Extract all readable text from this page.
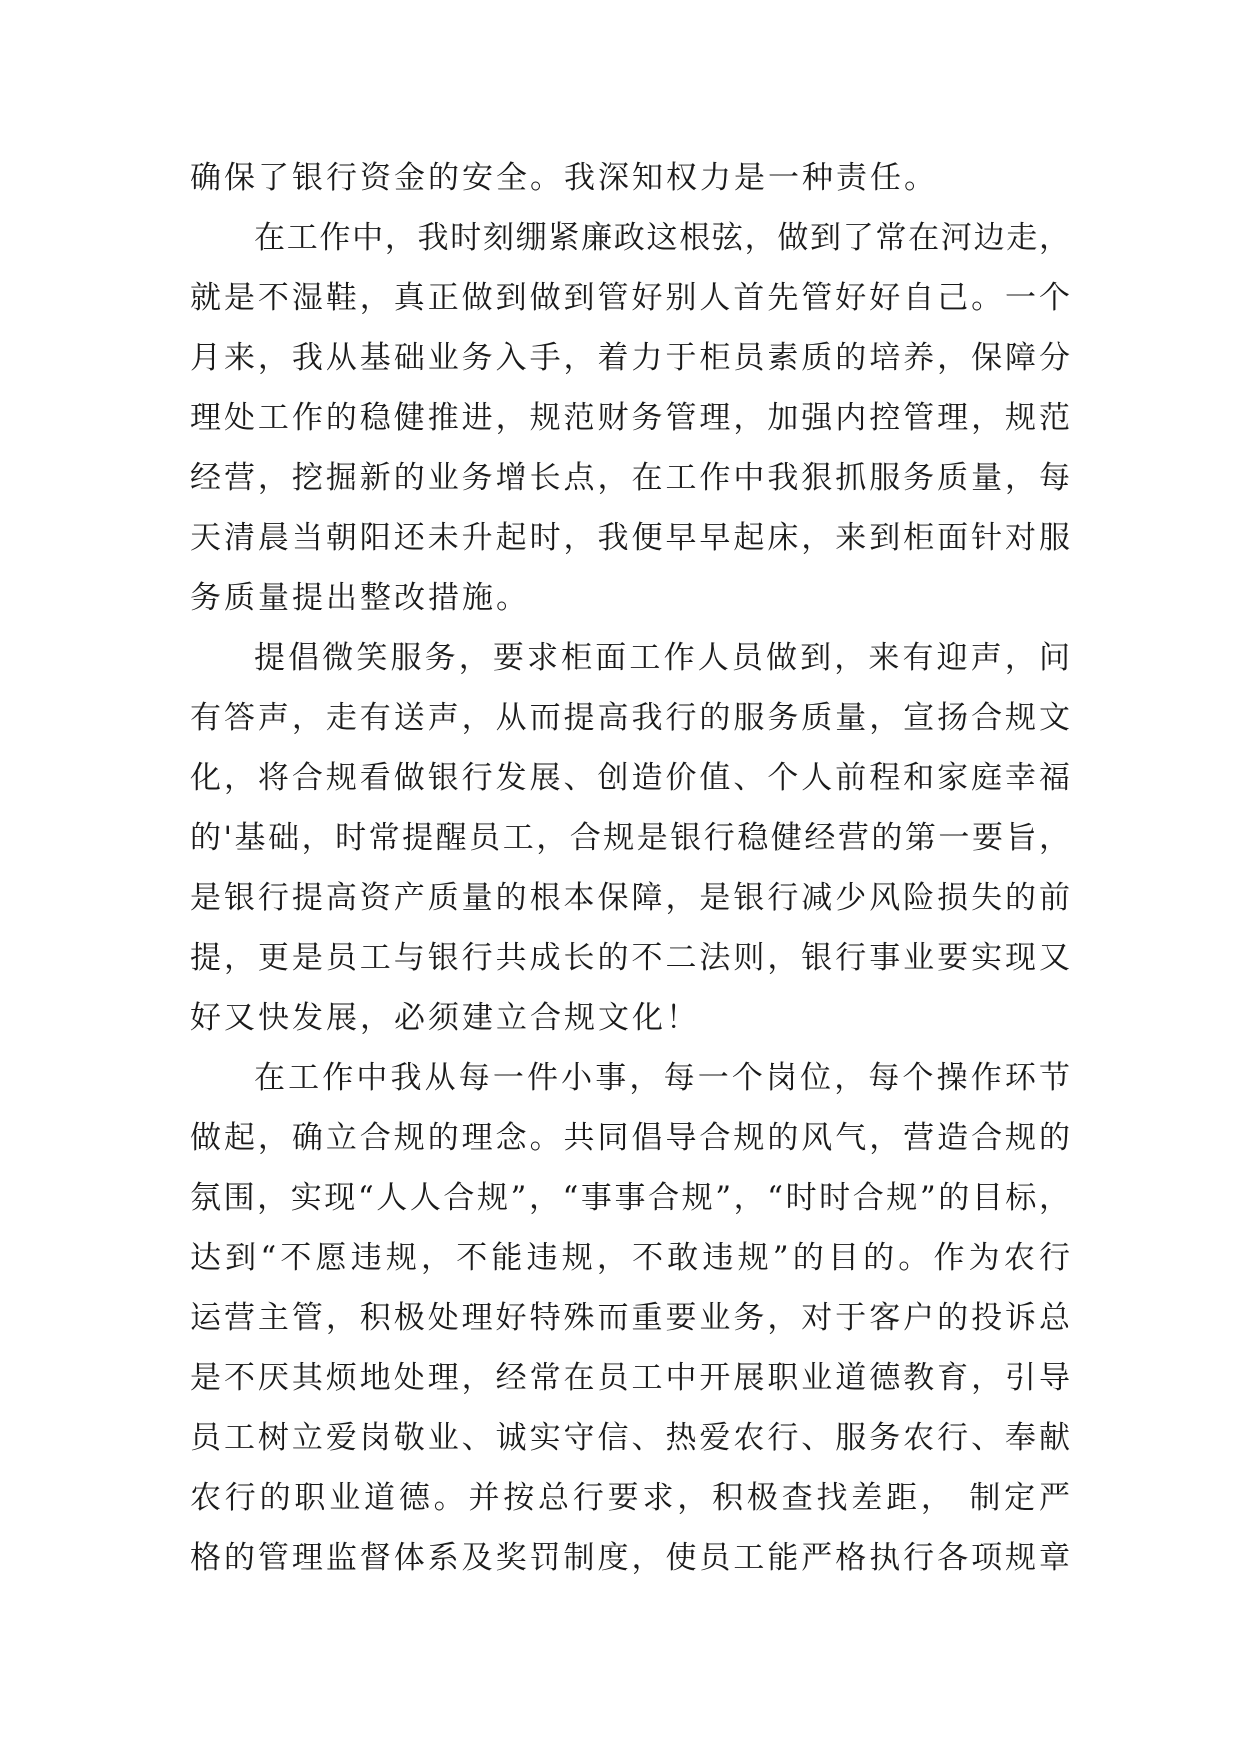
确保了银行资金的安全。我深知权力是一种责任。
在工作中，我时刻绷紧廉政这根弦，做到了常在河边走，
就是不湿鞋，真正做到做到管好别人首先管好好自己。一个
月来，我从基础业务入手，着力于柜员素质的培养，保障分
理处工作的稳健推进，规范财务管理，加强内控管理，规范
经营，挖掘新的业务增长点，在工作中我狠抓服务质量，每
天清晨当朝阳还未升起时，我便早早起床，来到柜面针对服
务质量提出整改措施。
提倡微笑服务，要求柜面工作人员做到，来有迎声，问
有答声，走有送声，从而提高我行的服务质量，宣扬合规文
化，将合规看做银行发展、创造价值、个人前程和家庭幸福
的'基础，时常提醒员工，合规是银行稳健经营的第一要旨，
是银行提高资产质量的根本保障，是银行减少风险损失的前
提，更是员工与银行共成长的不二法则，银行事业要实现又
好又快发展，必须建立合规文化！
在工作中我从每一件小事，每一个岗位，每个操作环节
做起，确立合规的理念。共同倡导合规的风气，营造合规的
氛围，实现“人人合规”，“事事合规”，“时时合规”的目标，
达到“不愿违规，不能违规，不敢违规”的目的。作为农行
运营主管，积极处理好特殊而重要业务，对于客户的投诉总
是不厌其烦地处理，经常在员工中开展职业道德教育，引导
员工树立爱岗敬业、诚实守信、热爱农行、服务农行、奉献
农行的职业道德。并按总行要求，积极查找差距， 制定严
格的管理监督体系及奖罚制度，使员工能严格执行各项规章
